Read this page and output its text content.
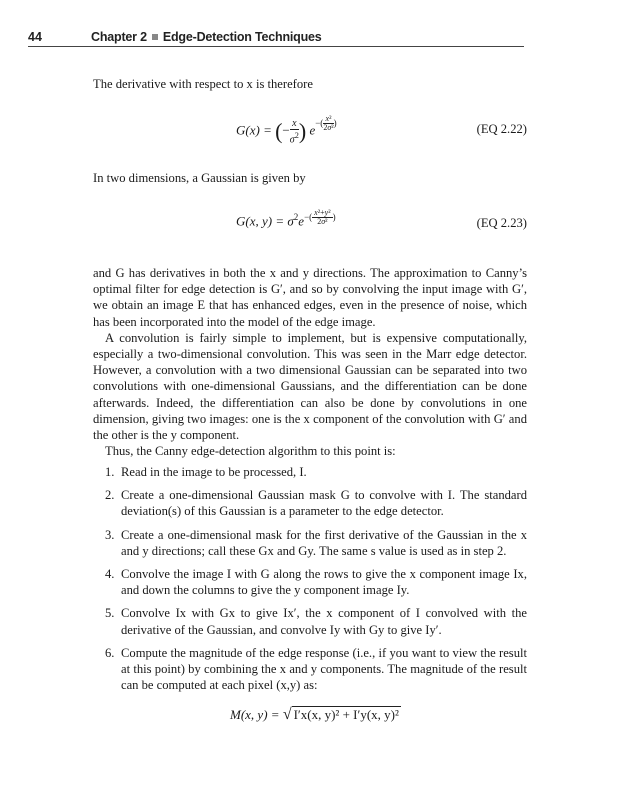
44	Chapter 2 Edge-Detection Techniques

The derivative with respect to x is therefore

G(x) = (− $\frac{x}{\sigma^2}$ ) $e^{-( \frac{\text{x²}}{\text{2σ²}} )}$	(EQ 2.22)

In two dimensions, a Gaussian is given by

G(x, $y) = \sigma^2e^{-( \frac{\text{x²+y²}}{\text{2σ²}} )}$	(EQ 2.23)

and G has derivatives in both the x and y directions. The approximation to Canny’s optimal filter for edge detection is G′, and so by convolving the input image with G′, we obtain an image E that has enhanced edges, even in the presence of noise, which has been incorporated into the model of the edge image.

A convolution is fairly simple to implement, but is expensive computationally, especially a two-dimensional convolution. This was seen in the Marr edge detector. However, a convolution with a two dimensional Gaussian can be separated into two convolutions with one-dimensional Gaussians, and the differentiation can be done afterwards. Indeed, the differentiation can also be done by convolutions in one dimension, giving two images: one is the x component of the convolution with G′ and the other is the y component.

Thus, the Canny edge-detection algorithm to this point is:

1. Read in the image to be processed, I.
2. Create a one-dimensional Gaussian mask G to convolve with I. The standard deviation(s) of this Gaussian is a parameter to the edge detector.
3. Create a one-dimensional mask for the first derivative of the Gaussian in the x and y directions; call these Gx and Gy. The same s value is used as in step 2.
4. Convolve the image I with G along the rows to give the x component image Ix, and down the columns to give the y component image Iy.
5. Convolve Ix with Gx to give Ix′, the x component of I convolved with the derivative of the Gaussian, and convolve Iy with Gy to give Iy′.
6. Compute the magnitude of the edge response (i.e., if you want to view the result at this point) by combining the x and y components. The magnitude of the result can be computed at each pixel (x,y) as:
M(x, y) = √ I′x(x, y)² + I′y(x, y)²
